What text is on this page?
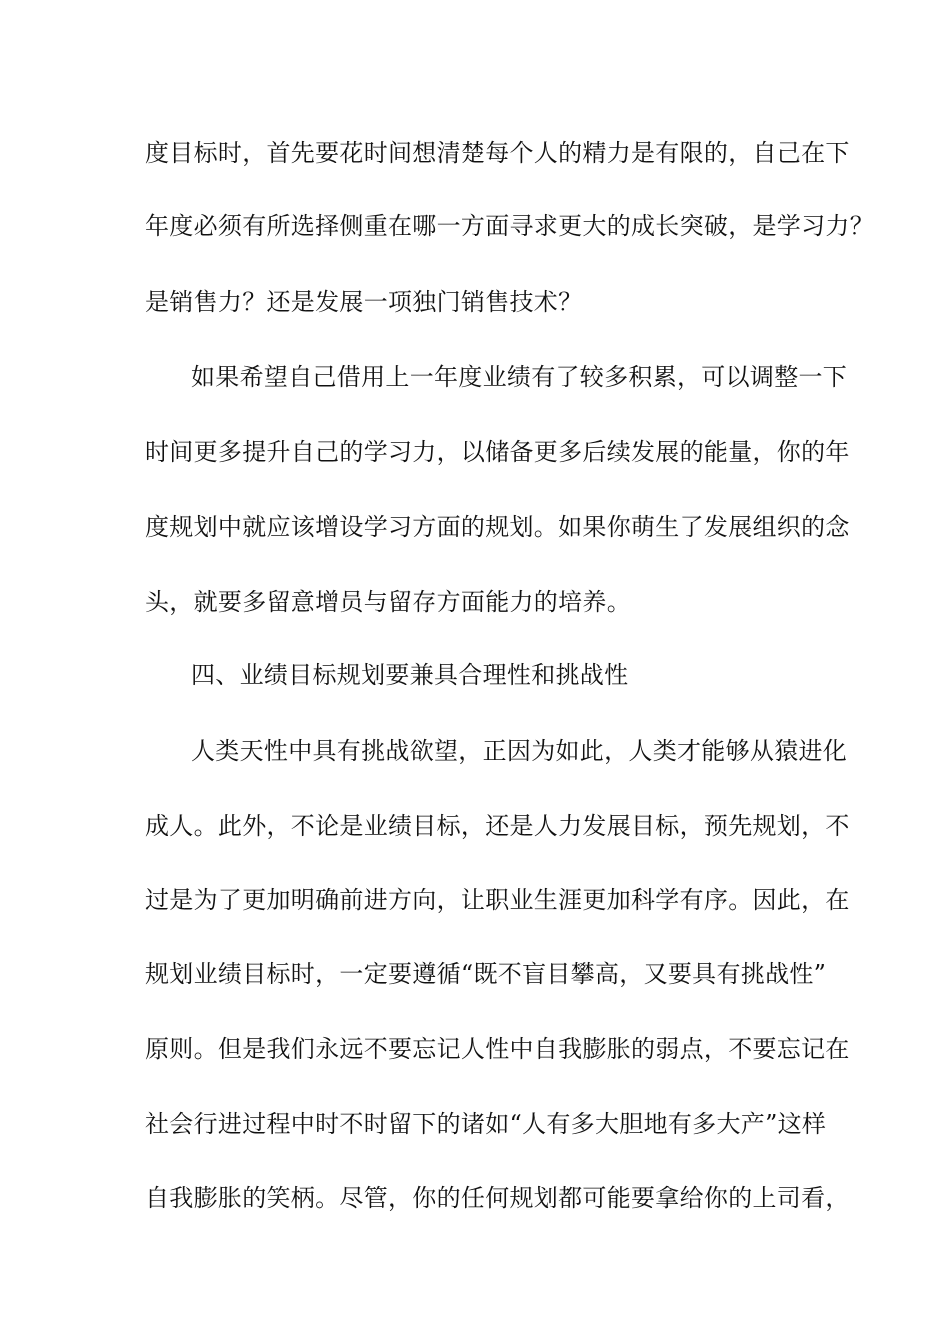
度目标时，首先要花时间想清楚每个人的精力是有限的，自己在下
年度必须有所选择侧重在哪一方面寻求更大的成长突破，是学习力？
是销售力？还是发展一项独门销售技术？
如果希望自己借用上一年度业绩有了较多积累，可以调整一下
时间更多提升自己的学习力，以储备更多后续发展的能量，你的年
度规划中就应该增设学习方面的规划。如果你萌生了发展组织的念
头，就要多留意增员与留存方面能力的培养。
四、业绩目标规划要兼具合理性和挑战性
人类天性中具有挑战欲望，正因为如此，人类才能够从猿进化
成人。此外，不论是业绩目标，还是人力发展目标，预先规划，不
过是为了更加明确前进方向，让职业生涯更加科学有序。因此，在
规划业绩目标时，一定要遵循“既不盲目攀高，又要具有挑战性”
原则。但是我们永远不要忘记人性中自我膨胀的弱点，不要忘记在
社会行进过程中时不时留下的诸如“人有多大胆地有多大产”这样
自我膨胀的笑柄。尽管，你的任何规划都可能要拿给你的上司看，
